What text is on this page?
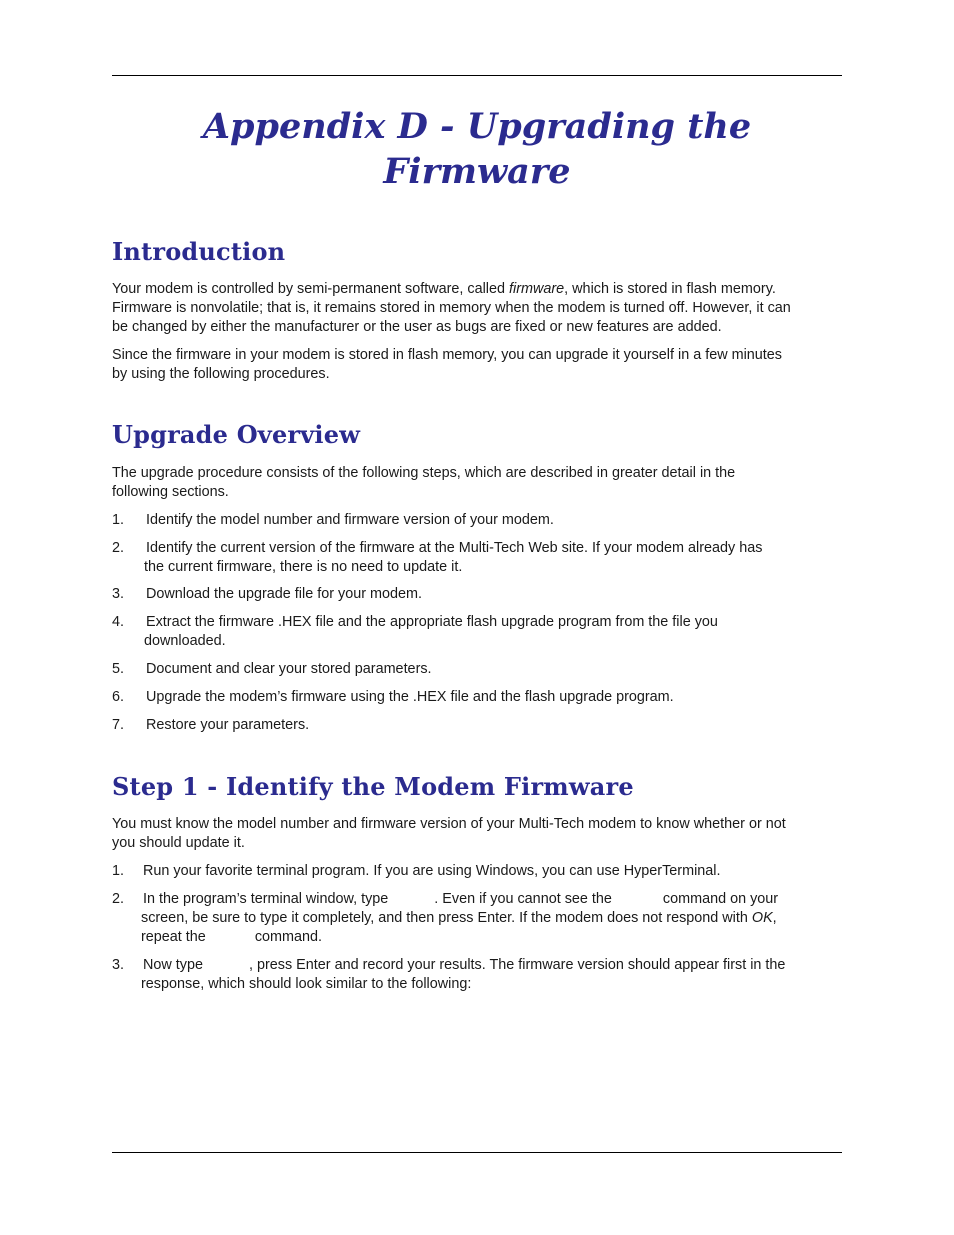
Appendix D - Upgrading the
Firmware
Introduction

Your modem is controlled by semi-permanent software, called firmware, which is stored in flash memory.
Firmware is nonvolatile; that is, it remains stored in memory when the modem is turned off. However, it can
be changed by either the manufacturer or the user as bugs are fixed or new features are added.

Since the firmware in your modem is stored in flash memory, you can upgrade it yourself in a few minutes
by using the following procedures.

Upgrade Overview

The upgrade procedure consists of the following steps, which are described in greater detail in the
following sections.

1.	Identify the model number and firmware version of your modem.
2.	Identify the current version of the firmware at the Multi-Tech Web site. If your modem already has
the current firmware, there is no need to update it.
3.	Download the upgrade file for your modem.
4.	Extract the firmware .HEX file and the appropriate flash upgrade program from the file you
downloaded.
5.	Document and clear your stored parameters.
6.	Upgrade the modem’s firmware using the .HEX file and the flash upgrade program.
7.	Restore your parameters.
Step 1 - Identify the Modem Firmware

You must know the model number and firmware version of your Multi-Tech modem to know whether or not
you should update it.

1.	Run your favorite terminal program. If you are using Windows, you can use HyperTerminal.
2.	In the program’s terminal window, type	. Even if you cannot see the	command on your
screen, be sure to type it completely, and then press Enter. If the modem does not respond with OK,
repeat the	command.
3.	Now type	, press Enter and record your results. The firmware version should appear first in the
response, which should look similar to the following:
